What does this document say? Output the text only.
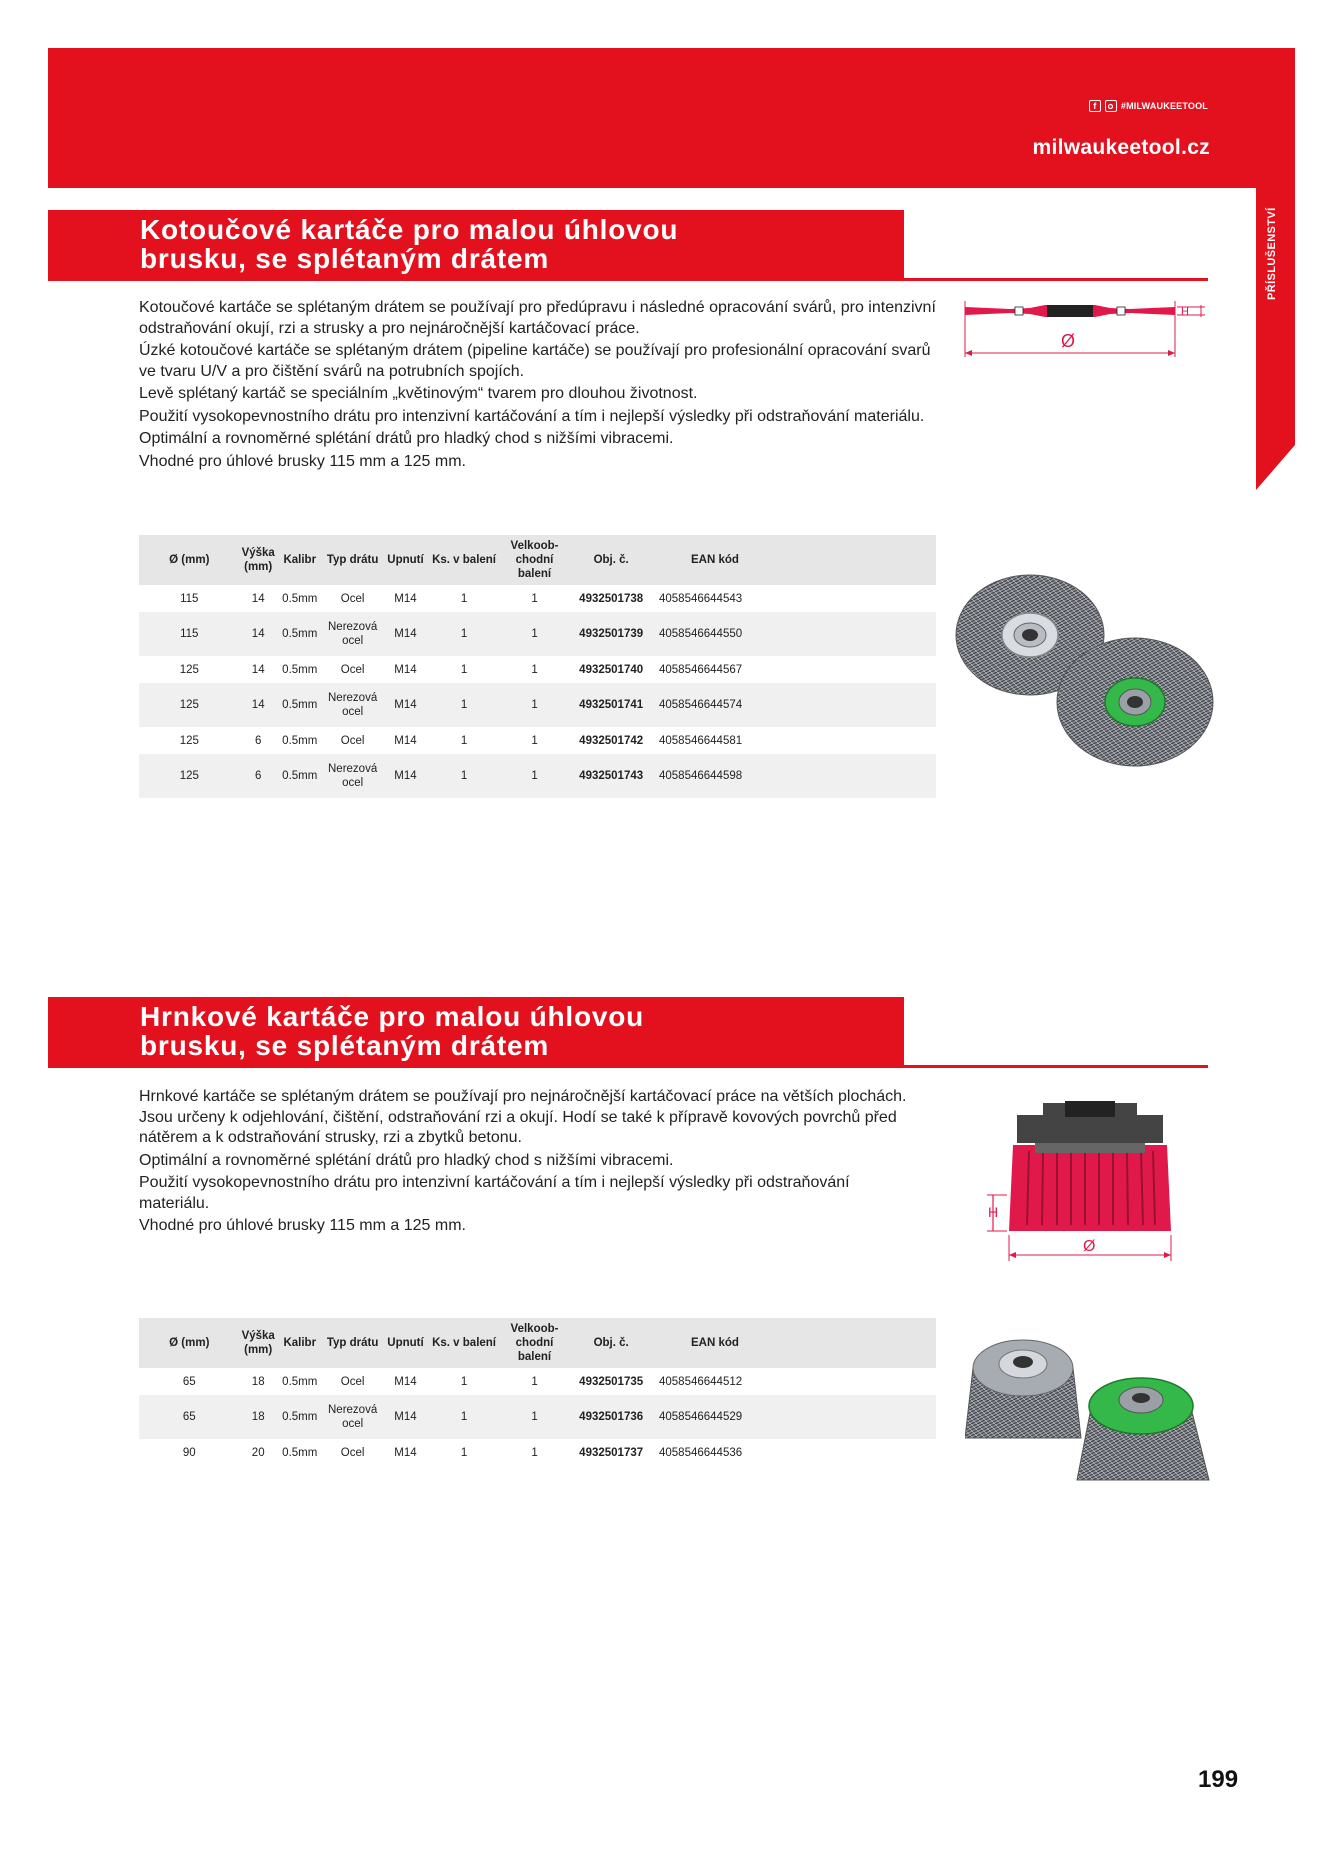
f	#MILWAUKEETOOL
milwaukeetool.cz
PŘÍSLUŠENSTVÍ
Kotoučové kartáče pro malou úhlovou
brusku, se splétaným drátem

Kotoučové kartáče se splétaným drátem se používají pro předúpravu i následné opracování svárů, pro intenzivní odstraňování okují, rzi a strusky a pro nejnáročnější kartáčovací práce.

Úzké kotoučové kartáče se splétaným drátem (pipeline kartáče) se používají pro profesionální opracování svarů ve tvaru U/V a pro čištění svárů na potrubních spojích.

Levě splétaný kartáč se speciálním „květinovým“ tvarem pro dlouhou životnost.

Použití vysokopevnostního drátu pro intenzivní kartáčování a tím i nejlepší výsledky při odstraňování materiálu.

Optimální a rovnoměrné splétání drátů pro hladký chod s nižšími vibracemi.

Vhodné pro úhlové brusky 115 mm a 125 mm.

H
Ø
Ø (mm)	Výška (mm)	Kalibr	Typ drátu	Upnutí	Ks. v balení	Velkoob- chodní balení	Obj. č.	EAN kód
115	14	0.5mm	Ocel	M14	1	1	4932501738	4058546644543
115	14	0.5mm	Nerezová ocel	M14	1	1	4932501739	4058546644550
125	14	0.5mm	Ocel	M14	1	1	4932501740	4058546644567
125	14	0.5mm	Nerezová ocel	M14	1	1	4932501741	4058546644574
125	6	0.5mm	Ocel	M14	1	1	4932501742	4058546644581
125	6	0.5mm	Nerezová ocel	M14	1	1	4932501743	4058546644598
Hrnkové kartáče pro malou úhlovou
brusku, se splétaným drátem

Hrnkové kartáče se splétaným drátem se používají pro nejnáročnější kartáčovací práce na větších plochách. Jsou určeny k odjehlování, čištění, odstraňování rzi a okují. Hodí se také k přípravě kovových povrchů před nátěrem a k odstraňování strusky, rzi a zbytků betonu.

Optimální a rovnoměrné splétání drátů pro hladký chod s nižšími vibracemi.

Použití vysokopevnostního drátu pro intenzivní kartáčování a tím i nejlepší výsledky při odstraňování materiálu.

Vhodné pro úhlové brusky 115 mm a 125 mm.

H
Ø
Ø (mm)	Výška (mm)	Kalibr	Typ drátu	Upnutí	Ks. v balení	Velkoob- chodní balení	Obj. č.	EAN kód
65	18	0.5mm	Ocel	M14	1	1	4932501735	4058546644512
65	18	0.5mm	Nerezová ocel	M14	1	1	4932501736	4058546644529
90	20	0.5mm	Ocel	M14	1	1	4932501737	4058546644536
199
